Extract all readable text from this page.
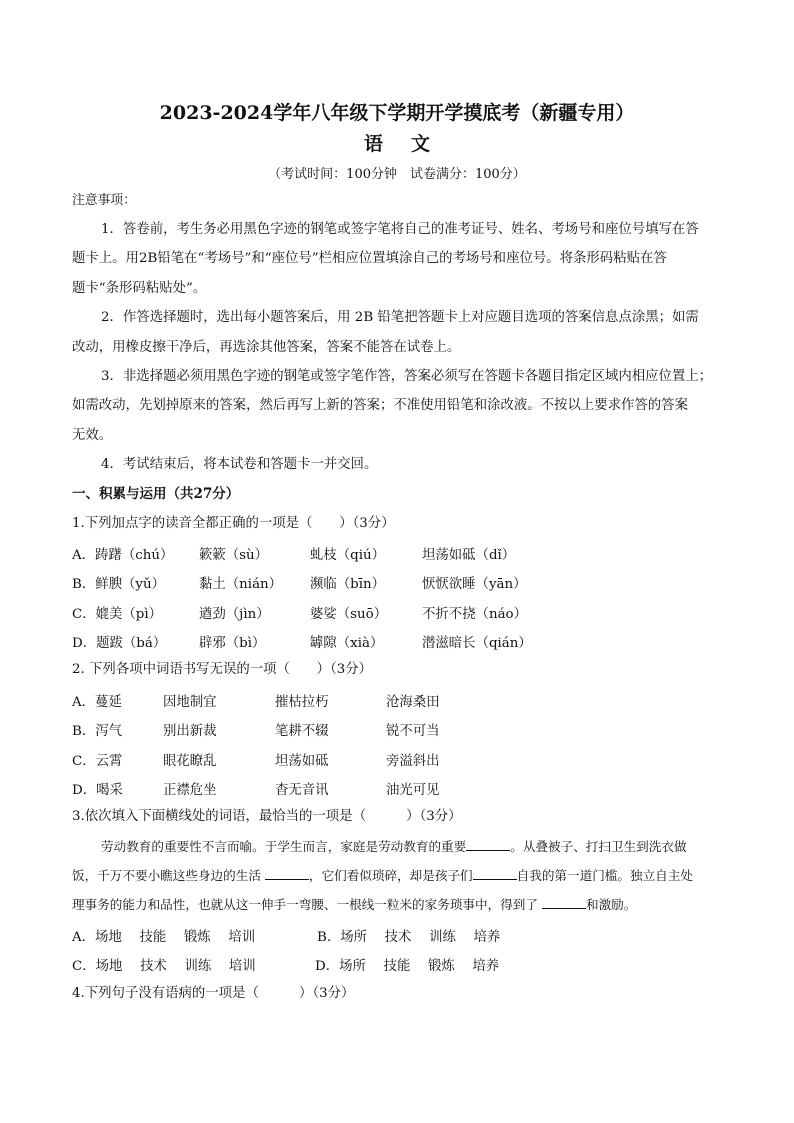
2023-2024学年八年级下学期开学摸底考（新疆专用）
语 文
（考试时间：100分钟　试卷满分：100分）
注意事项：
1．答卷前，考生务必用黑色字迹的钢笔或签字笔将自己的准考证号、姓名、考场号和座位号填写在答
题卡上。用2B铅笔在“考场号”和“座位号”栏相应位置填涂自己的考场号和座位号。将条形码粘贴在答
题卡“条形码粘贴处”。
2．作答选择题时，选出每小题答案后，用 2B 铅笔把答题卡上对应题目选项的答案信息点涂黑；如需
改动，用橡皮擦干净后，再选涂其他答案，答案不能答在试卷上。
3．非选择题必须用黑色字迹的钢笔或签字笔作答，答案必须写在答题卡各题目指定区域内相应位置上；
如需改动，先划掉原来的答案，然后再写上新的答案；不准使用铅笔和涂改液。不按以上要求作答的答案
无效。
4．考试结束后，将本试卷和答题卡一并交回。
一、积累与运用（共27分）
1.下列加点字的读音全都正确的一项是（　　）（3分）
A．踌躇（chú） 簌簌（sù）	虬枝（qiú）	坦荡如砥（dǐ）
B．鲜腴（yǔ）	黏土（nián） 濒临（bīn）	恹恹欲睡（yān）
C．媲美（pì）	遒劲（jìn）	婆娑（suō）	不折不挠（náo）
D．题跋（bá） 辟邪（bì）	罅隙（xià）	潜滋暗长（qián）
2. 下列各项中词语书写无误的一项（　　）（3分）
A．蔓延	因地制宜	摧枯拉朽	沧海桑田
B．泻气	别出新裁	笔耕不辍	锐不可当
C．云霄	眼花瞭乱	坦荡如砥	旁溢斜出
D．喝采	正襟危坐	杳无音讯	油光可见
3.依次填入下面横线处的词语，最恰当的一项是（　　　）（3分）
劳动教育的重要性不言而喻。于学生而言，家庭是劳动教育的重要	。从叠被子、打扫卫生到洗衣做
饭，千万不要小瞧这些身边的生活	，它们看似琐碎，却是孩子们	自我的第一道门槛。独立自主处
理事务的能力和品性，也就从这一伸手一弯腰、一根线一粒米的家务琐事中，得到了	和激励。
A．场地　 技能　 锻炼　 培训	B．场所　 技术　 训练　 培养
C．场地　 技术　 训练　 培训	D．场所　 技能　 锻炼　 培养
4.下列句子没有语病的一项是（　　　）（3分）
